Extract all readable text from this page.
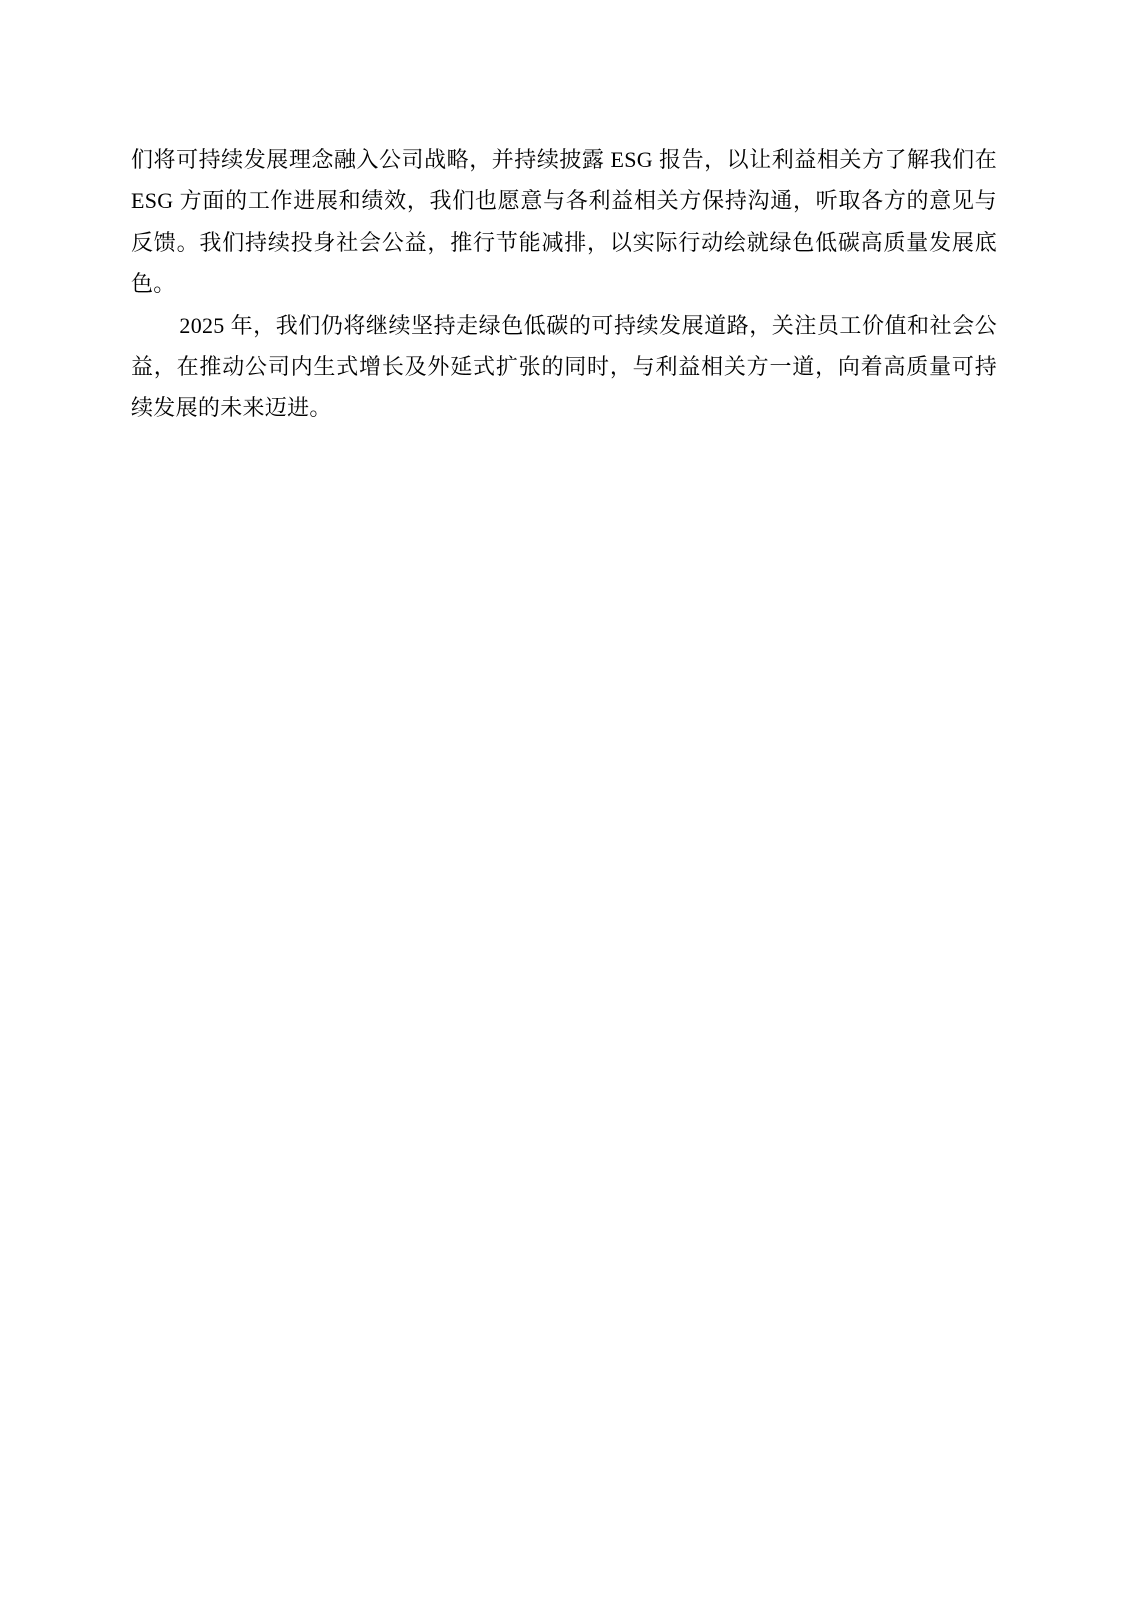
们将可持续发展理念融入公司战略，并持续披露 ESG 报告，以让利益相关方了解我们在 ESG 方面的工作进展和绩效，我们也愿意与各利益相关方保持沟通，听取各方的意见与反馈。我们持续投身社会公益，推行节能减排，以实际行动绘就绿色低碳高质量发展底色。

2025 年，我们仍将继续坚持走绿色低碳的可持续发展道路，关注员工价值和社会公益，在推动公司内生式增长及外延式扩张的同时，与利益相关方一道，向着高质量可持续发展的未来迈进。
